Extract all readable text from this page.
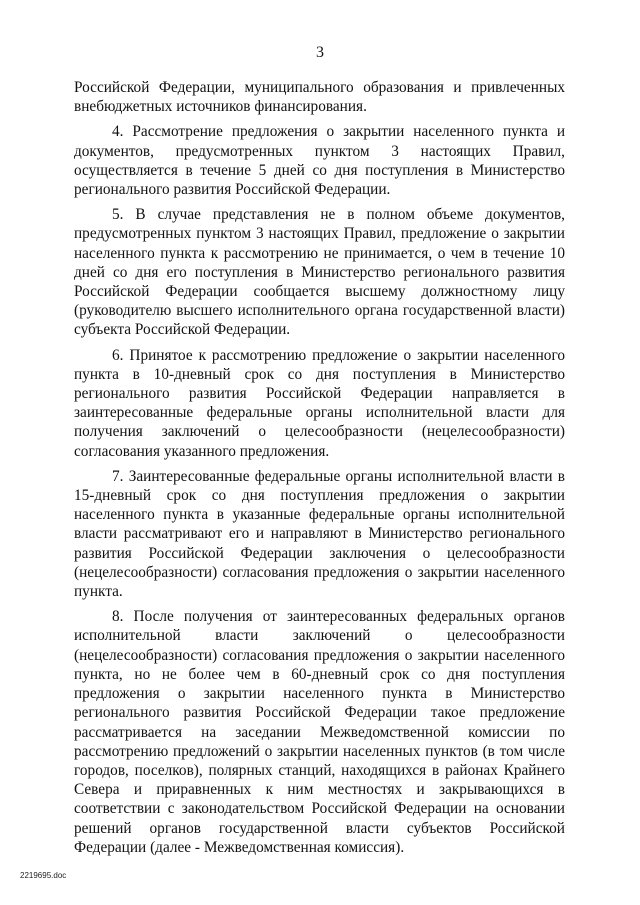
3

Российской Федерации, муниципального образования и привлеченных внебюджетных источников финансирования.

4. Рассмотрение предложения о закрытии населенного пункта и документов, предусмотренных пунктом 3 настоящих Правил, осуществляется в течение 5 дней со дня поступления в Министерство регионального развития Российской Федерации.

5. В случае представления не в полном объеме документов, предусмотренных пунктом 3 настоящих Правил, предложение о закрытии населенного пункта к рассмотрению не принимается, о чем в течение 10 дней со дня его поступления в Министерство регионального развития Российской Федерации сообщается высшему должностному лицу (руководителю высшего исполнительного органа государственной власти) субъекта Российской Федерации.

6. Принятое к рассмотрению предложение о закрытии населенного пункта в 10-дневный срок со дня поступления в Министерство регионального развития Российской Федерации направляется в заинтересованные федеральные органы исполнительной власти для получения заключений о целесообразности (нецелесообразности) согласования указанного предложения.

7. Заинтересованные федеральные органы исполнительной власти в 15-дневный срок со дня поступления предложения о закрытии населенного пункта в указанные федеральные органы исполнительной власти рассматривают его и направляют в Министерство регионального развития Российской Федерации заключения о целесообразности (нецелесообразности) согласования предложения о закрытии населенного пункта.

8. После получения от заинтересованных федеральных органов исполнительной власти заключений о целесообразности (нецелесообразности) согласования предложения о закрытии населенного пункта, но не более чем в 60-дневный срок со дня поступления предложения о закрытии населенного пункта в Министерство регионального развития Российской Федерации такое предложение рассматривается на заседании Межведомственной комиссии по рассмотрению предложений о закрытии населенных пунктов (в том числе городов, поселков), полярных станций, находящихся в районах Крайнего Севера и приравненных к ним местностях и закрывающихся в соответствии с законодательством Российской Федерации на основании решений органов государственной власти субъектов Российской Федерации (далее - Межведомственная комиссия).

2219695.doc
